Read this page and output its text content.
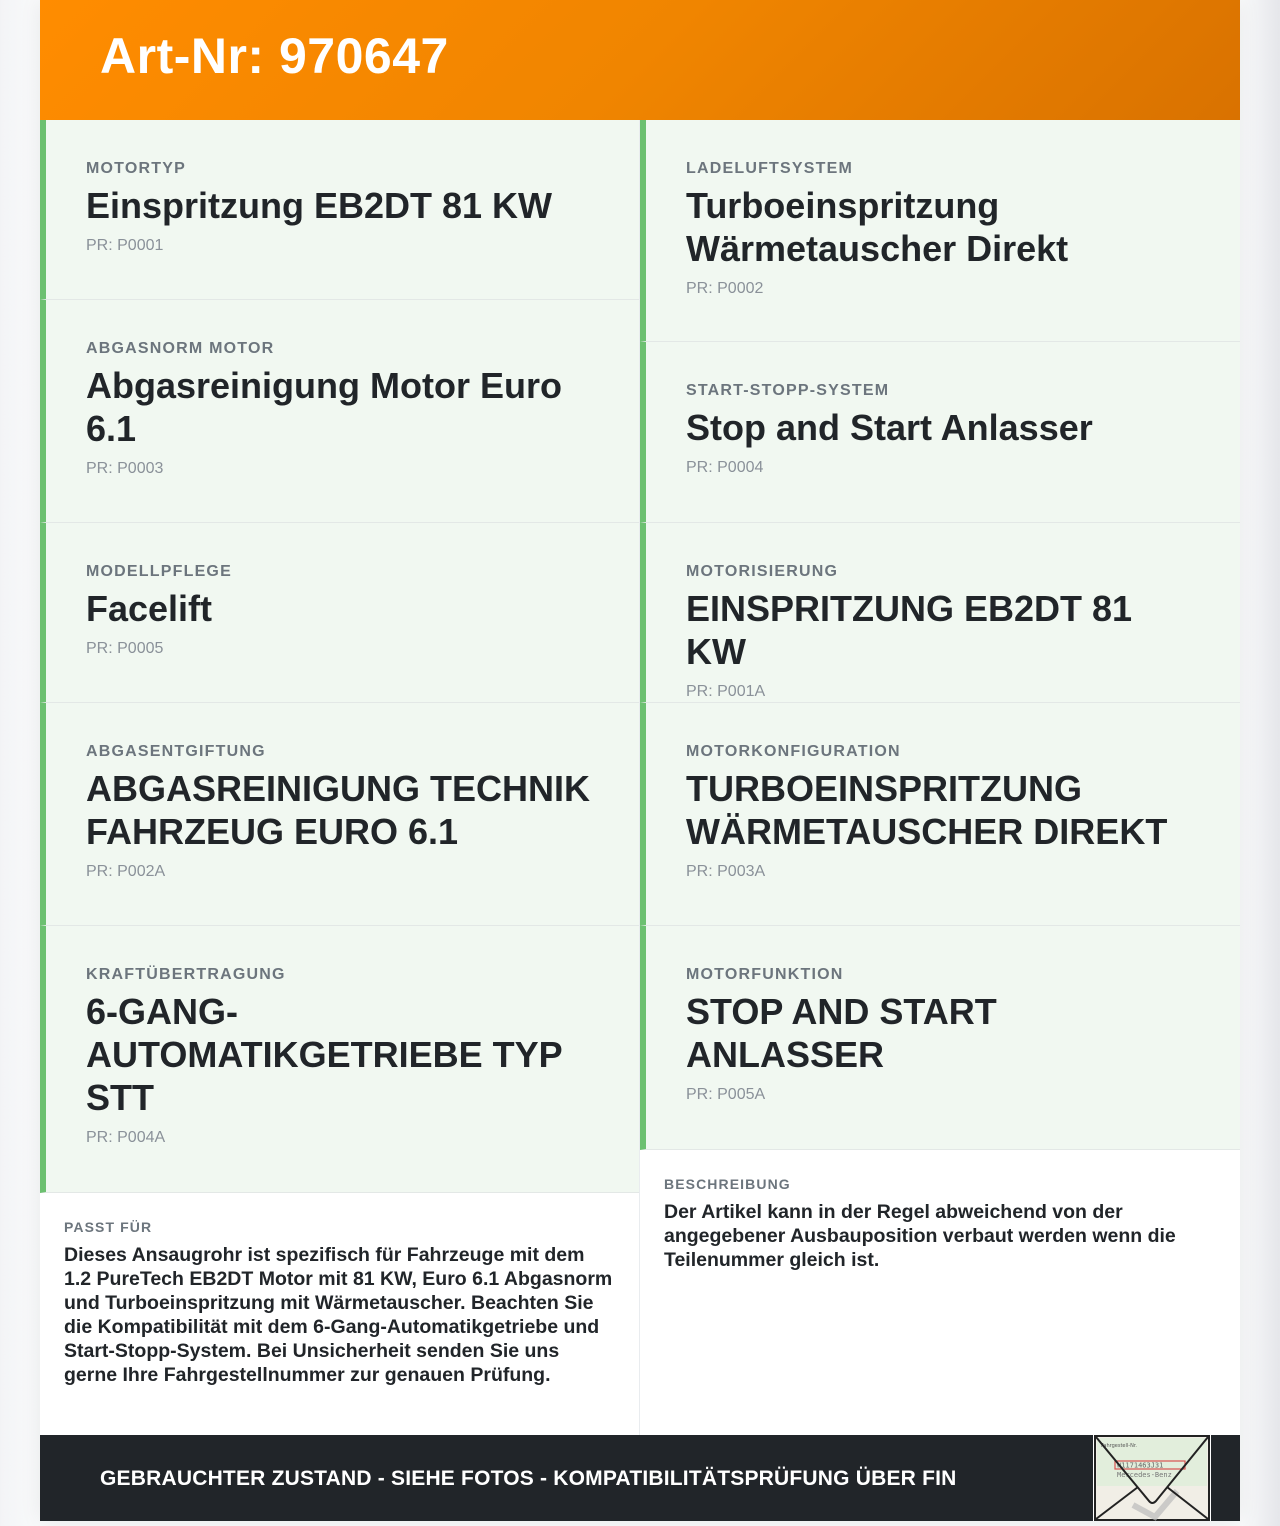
Art-Nr: 970647
MOTORTYP
Einspritzung EB2DT 81 KW
PR: P0001
ABGASNORM MOTOR
Abgasreinigung Motor Euro 6.1
PR: P0003
MODELLPFLEGE
Facelift
PR: P0005
ABGASENTGIFTUNG
ABGASREINIGUNG TECHNIK FAHRZEUG EURO 6.1
PR: P002A
KRAFTÜBERTRAGUNG
6-GANG-AUTOMATIKGETRIEBE TYP STT
PR: P004A
PASST FÜR
Dieses Ansaugrohr ist spezifisch für Fahrzeuge mit dem 1.2 PureTech EB2DT Motor mit 81 KW, Euro 6.1 Abgasnorm und Turboeinspritzung mit Wärmetauscher. Beachten Sie die Kompatibilität mit dem 6-Gang-Automatikgetriebe und Start-Stopp-System. Bei Unsicherheit senden Sie uns gerne Ihre Fahrgestellnummer zur genauen Prüfung.
LADELUFTSYSTEM
Turboeinspritzung Wärmetauscher Direkt
PR: P0002
START-STOPP-SYSTEM
Stop and Start Anlasser
PR: P0004
MOTORISIERUNG
EINSPRITZUNG EB2DT 81 KW
PR: P001A
MOTORKONFIGURATION
TURBOEINSPRITZUNG WÄRMETAUSCHER DIREKT
PR: P003A
MOTORFUNKTION
STOP AND START ANLASSER
PR: P005A
BESCHREIBUNG
Der Artikel kann in der Regel abweichend von der angegebener Ausbauposition verbaut werden wenn die Teilenummer gleich ist.
GEBRAUCHTER ZUSTAND - SIEHE FOTOS - KOMPATIBILITÄTSPRÜFUNG ÜBER FIN
Fahrgestell-Nr.
W1171463J31
Mercedes-Benz
